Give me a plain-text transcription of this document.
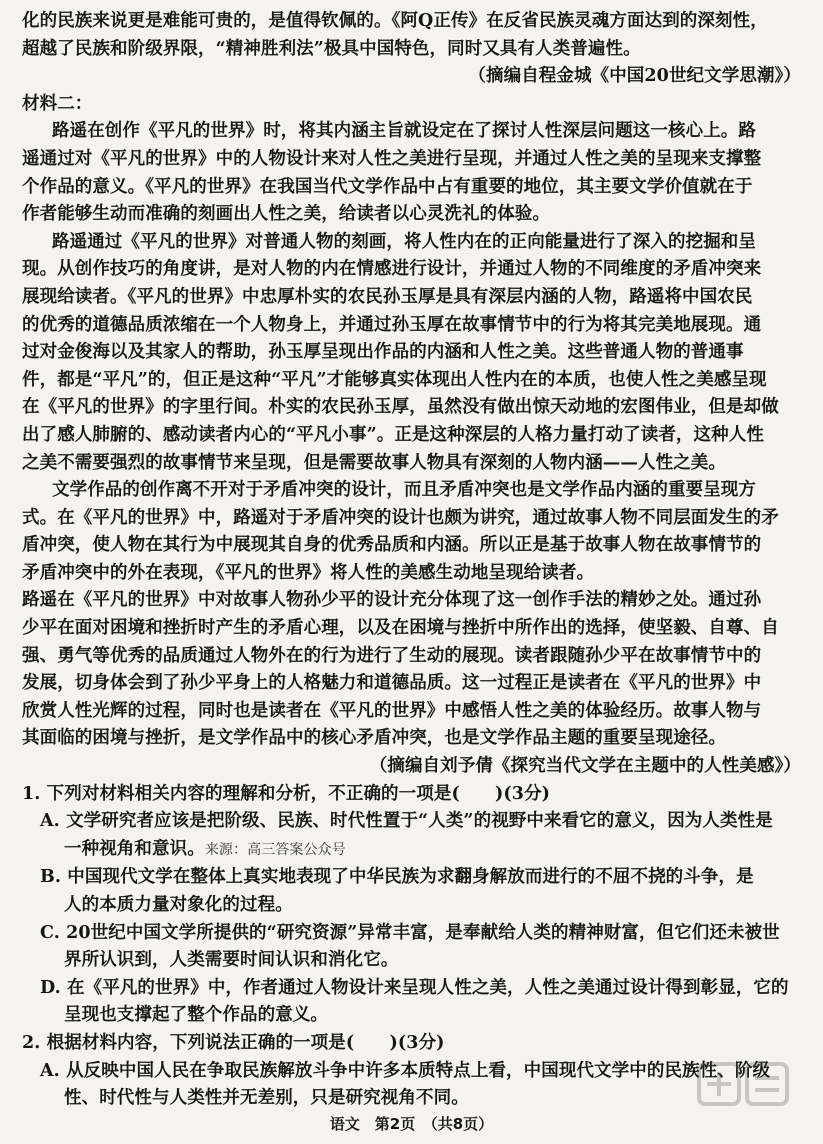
化的民族来说更是难能可贵的，是值得钦佩的。《阿Q正传》在反省民族灵魂方面达到的深刻性，
超越了民族和阶级界限，“精神胜利法”极具中国特色，同时又具有人类普遍性。
（摘编自程金城《中国20世纪文学思潮》）
材料二：
路遥在创作《平凡的世界》时，将其内涵主旨就设定在了探讨人性深层问题这一核心上。路
遥通过对《平凡的世界》中的人物设计来对人性之美进行呈现，并通过人性之美的呈现来支撑整
个作品的意义。《平凡的世界》在我国当代文学作品中占有重要的地位，其主要文学价值就在于
作者能够生动而准确的刻画出人性之美，给读者以心灵洗礼的体验。
路遥通过《平凡的世界》对普通人物的刻画，将人性内在的正向能量进行了深入的挖掘和呈
现。从创作技巧的角度讲，是对人物的内在情感进行设计，并通过人物的不同维度的矛盾冲突来
展现给读者。《平凡的世界》中忠厚朴实的农民孙玉厚是具有深层内涵的人物，路遥将中国农民
的优秀的道德品质浓缩在一个人物身上，并通过孙玉厚在故事情节中的行为将其完美地展现。通
过对金俊海以及其家人的帮助，孙玉厚呈现出作品的内涵和人性之美。这些普通人物的普通事
件，都是“平凡”的，但正是这种“平凡”才能够真实体现出人性内在的本质，也使人性之美感呈现
在《平凡的世界》的字里行间。朴实的农民孙玉厚，虽然没有做出惊天动地的宏图伟业，但是却做
出了感人肺腑的、感动读者内心的“平凡小事”。正是这种深层的人格力量打动了读者，这种人性
之美不需要强烈的故事情节来呈现，但是需要故事人物具有深刻的人物内涵——人性之美。
文学作品的创作离不开对于矛盾冲突的设计，而且矛盾冲突也是文学作品内涵的重要呈现方
式。在《平凡的世界》中，路遥对于矛盾冲突的设计也颇为讲究，通过故事人物不同层面发生的矛
盾冲突，使人物在其行为中展现其自身的优秀品质和内涵。所以正是基于故事人物在故事情节的
矛盾冲突中的外在表现，《平凡的世界》将人性的美感生动地呈现给读者。
路遥在《平凡的世界》中对故事人物孙少平的设计充分体现了这一创作手法的精妙之处。通过孙
少平在面对困境和挫折时产生的矛盾心理，以及在困境与挫折中所作出的选择，使坚毅、自尊、自
强、勇气等优秀的品质通过人物外在的行为进行了生动的展现。读者跟随孙少平在故事情节中的
发展，切身体会到了孙少平身上的人格魅力和道德品质。这一过程正是读者在《平凡的世界》中
欣赏人性光辉的过程，同时也是读者在《平凡的世界》中感悟人性之美的体验经历。故事人物与
其面临的困境与挫折，是文学作品中的核心矛盾冲突，也是文学作品主题的重要呈现途径。
（摘编自刘予倩《探究当代文学在主题中的人性美感》）
1. 下列对材料相关内容的理解和分析，不正确的一项是(　　)(3分)
A. 文学研究者应该是把阶级、民族、时代性置于“人类”的视野中来看它的意义，因为人类性是
一种视角和意识。来源：高三答案公众号
B. 中国现代文学在整体上真实地表现了中华民族为求翻身解放而进行的不屈不挠的斗争，是
人的本质力量对象化的过程。
C. 20世纪中国文学所提供的“研究资源”异常丰富，是奉献给人类的精神财富，但它们还未被世
界所认识到，人类需要时间认识和消化它。
D. 在《平凡的世界》中，作者通过人物设计来呈现人性之美，人性之美通过设计得到彰显，它的
呈现也支撑起了整个作品的意义。
2. 根据材料内容，下列说法正确的一项是(　　)(3分)
A. 从反映中国人民在争取民族解放斗争中许多本质特点上看，中国现代文学中的民族性、阶级
性、时代性与人类性并无差别，只是研究视角不同。
语文　第2页　（共8页）
